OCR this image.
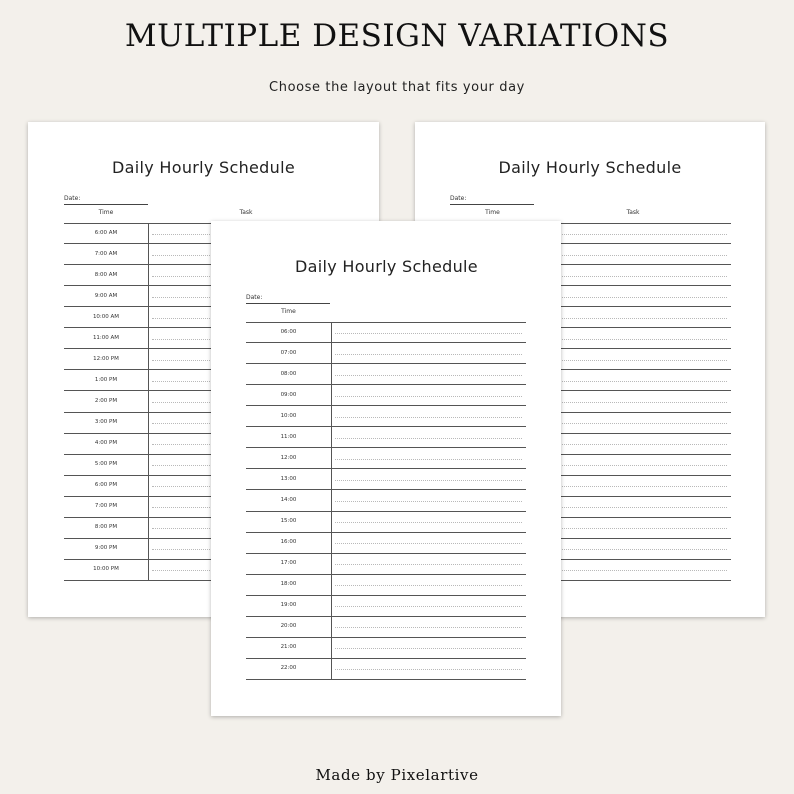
MULTIPLE DESIGN VARIATIONS
Choose the layout that fits your day
Daily Hourly Schedule
Date:
Time	Task
6:00 AM
7:00 AM
8:00 AM
9:00 AM
10:00 AM
11:00 AM
12:00 PM
1:00 PM
2:00 PM
3:00 PM
4:00 PM
5:00 PM
6:00 PM
7:00 PM
8:00 PM
9:00 PM
10:00 PM
Daily Hourly Schedule
Date:
Time	Task
Daily Hourly Schedule
Date:
Time
06:00
07:00
08:00
09:00
10:00
11:00
12:00
13:00
14:00
15:00
16:00
17:00
18:00
19:00
20:00
21:00
22:00
Made by Pixelartive
